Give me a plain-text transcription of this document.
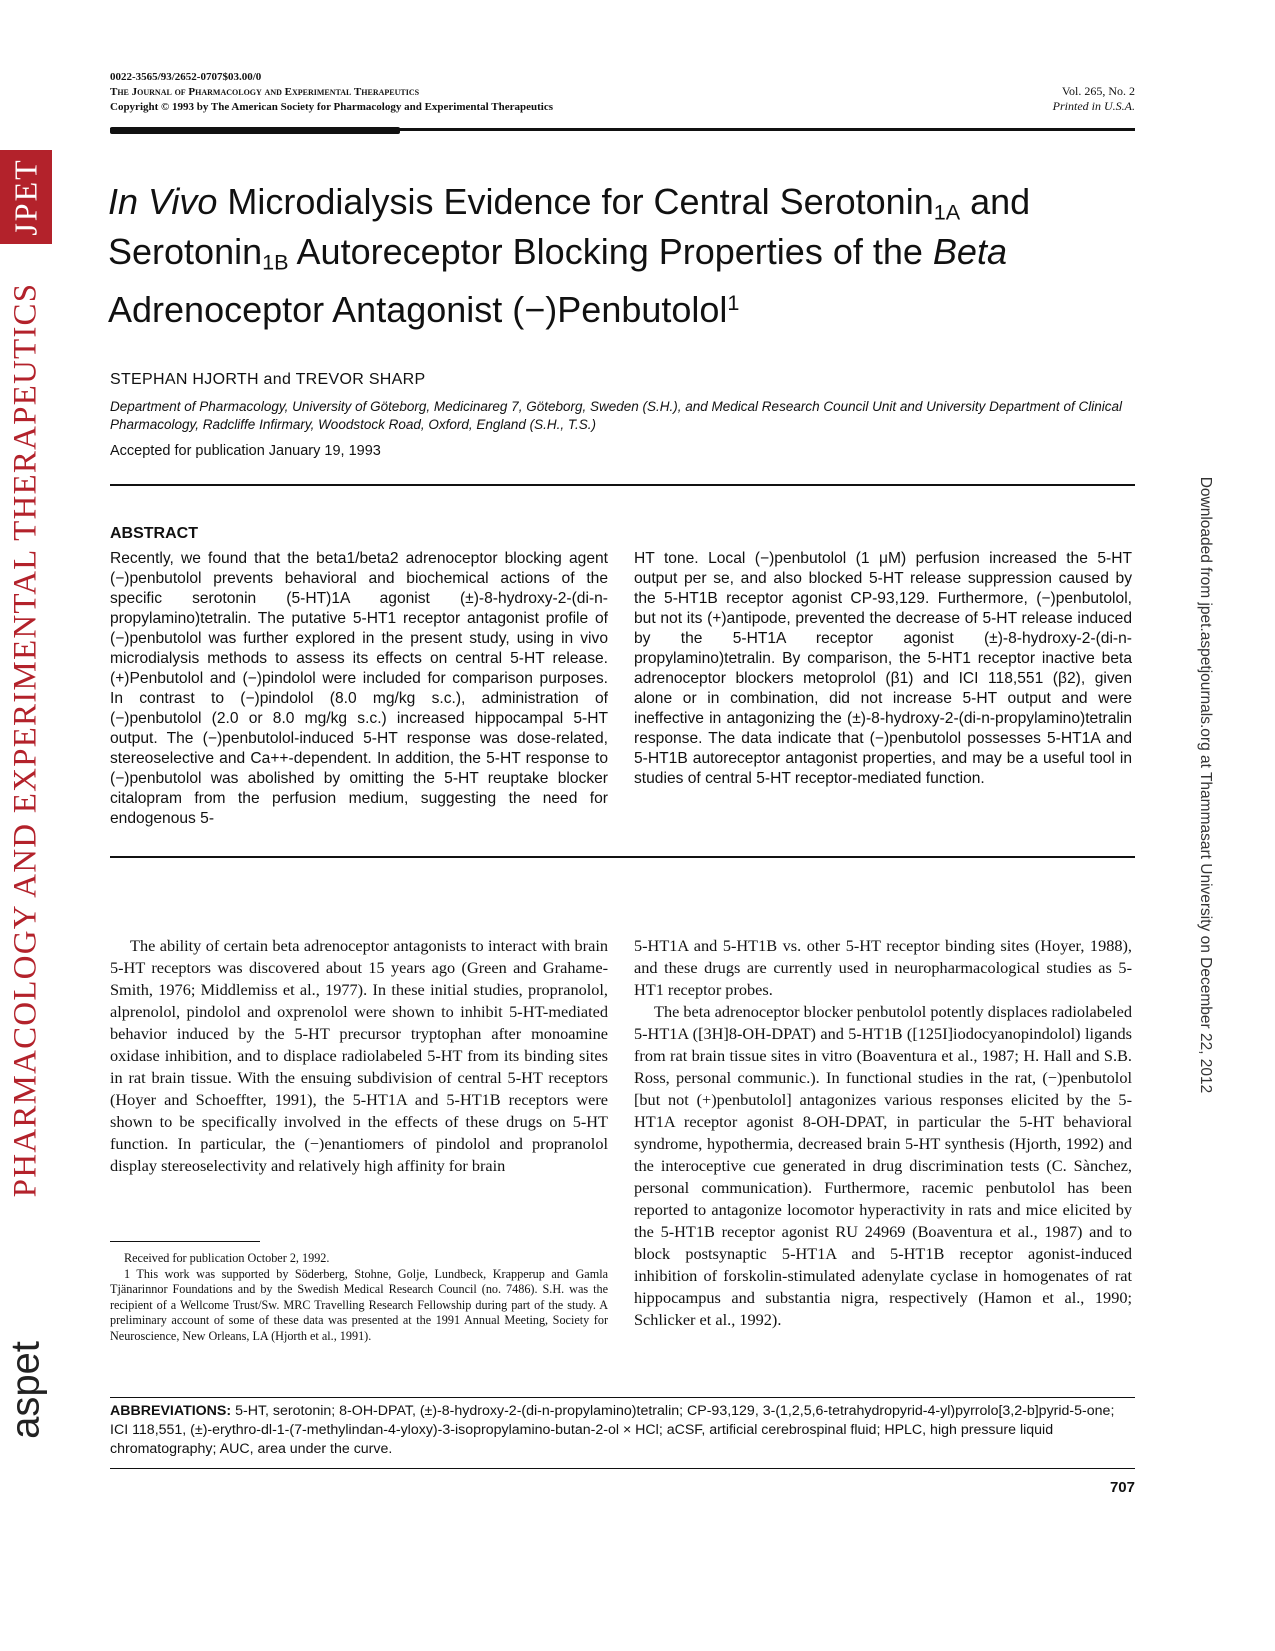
JPET
PHARMACOLOGY AND EXPERIMENTAL THERAPEUTICS
aspet
Downloaded from jpet.aspetjournals.org at Thammasart University on December 22, 2012
0022-3565/93/2652-0707$03.00/0
The Journal of Pharmacology and Experimental Therapeutics
Copyright © 1993 by The American Society for Pharmacology and Experimental Therapeutics
Vol. 265, No. 2
Printed in U.S.A.
In Vivo Microdialysis Evidence for Central Serotonin$_{1A}$ and Serotonin$_{1B}$ Autoreceptor Blocking Properties of the Beta Adrenoceptor Antagonist (−)Penbutolol$^1$
STEPHAN HJORTH and TREVOR SHARP
Department of Pharmacology, University of Göteborg, Medicinareg 7, Göteborg, Sweden (S.H.), and Medical Research Council Unit and University Department of Clinical Pharmacology, Radcliffe Infirmary, Woodstock Road, Oxford, England (S.H., T.S.)
Accepted for publication January 19, 1993
ABSTRACT
Recently, we found that the beta1/beta2 adrenoceptor blocking agent (−)penbutolol prevents behavioral and biochemical actions of the specific serotonin (5-HT)1A agonist (±)-8-hydroxy-2-(di-n-propylamino)tetralin. The putative 5-HT1 receptor antagonist profile of (−)penbutolol was further explored in the present study, using in vivo microdialysis methods to assess its effects on central 5-HT release. (+)Penbutolol and (−)pindolol were included for comparison purposes. In contrast to (−)pindolol (8.0 mg/kg s.c.), administration of (−)penbutolol (2.0 or 8.0 mg/kg s.c.) increased hippocampal 5-HT output. The (−)penbutolol-induced 5-HT response was dose-related, stereoselective and Ca++-dependent. In addition, the 5-HT response to (−)penbutolol was abolished by omitting the 5-HT reuptake blocker citalopram from the perfusion medium, suggesting the need for endogenous 5-
HT tone. Local (−)penbutolol (1 μM) perfusion increased the 5-HT output per se, and also blocked 5-HT release suppression caused by the 5-HT1B receptor agonist CP-93,129. Furthermore, (−)penbutolol, but not its (+)antipode, prevented the decrease of 5-HT release induced by the 5-HT1A receptor agonist (±)-8-hydroxy-2-(di-n-propylamino)tetralin. By comparison, the 5-HT1 receptor inactive beta adrenoceptor blockers metoprolol (β1) and ICI 118,551 (β2), given alone or in combination, did not increase 5-HT output and were ineffective in antagonizing the (±)-8-hydroxy-2-(di-n-propylamino)tetralin response. The data indicate that (−)penbutolol possesses 5-HT1A and 5-HT1B autoreceptor antagonist properties, and may be a useful tool in studies of central 5-HT receptor-mediated function.

The ability of certain beta adrenoceptor antagonists to interact with brain 5-HT receptors was discovered about 15 years ago (Green and Grahame-Smith, 1976; Middlemiss et al., 1977). In these initial studies, propranolol, alprenolol, pindolol and oxprenolol were shown to inhibit 5-HT-mediated behavior induced by the 5-HT precursor tryptophan after monoamine oxidase inhibition, and to displace radiolabeled 5-HT from its binding sites in rat brain tissue. With the ensuing subdivision of central 5-HT receptors (Hoyer and Schoeffter, 1991), the 5-HT1A and 5-HT1B receptors were shown to be specifically involved in the effects of these drugs on 5-HT function. In particular, the (−)enantiomers of pindolol and propranolol display stereoselectivity and relatively high affinity for brain

5-HT1A and 5-HT1B vs. other 5-HT receptor binding sites (Hoyer, 1988), and these drugs are currently used in neuropharmacological studies as 5-HT1 receptor probes.

The beta adrenoceptor blocker penbutolol potently displaces radiolabeled 5-HT1A ([3H]8-OH-DPAT) and 5-HT1B ([125I]iodocyanopindolol) ligands from rat brain tissue sites in vitro (Boaventura et al., 1987; H. Hall and S.B. Ross, personal communic.). In functional studies in the rat, (−)penbutolol [but not (+)penbutolol] antagonizes various responses elicited by the 5-HT1A receptor agonist 8-OH-DPAT, in particular the 5-HT behavioral syndrome, hypothermia, decreased brain 5-HT synthesis (Hjorth, 1992) and the interoceptive cue generated in drug discrimination tests (C. Sànchez, personal communication). Furthermore, racemic penbutolol has been reported to antagonize locomotor hyperactivity in rats and mice elicited by the 5-HT1B receptor agonist RU 24969 (Boaventura et al., 1987) and to block postsynaptic 5-HT1A and 5-HT1B receptor agonist-induced inhibition of forskolin-stimulated adenylate cyclase in homogenates of rat hippocampus and substantia nigra, respectively (Hamon et al., 1990; Schlicker et al., 1992).

Received for publication October 2, 1992.

1 This work was supported by Söderberg, Stohne, Golje, Lundbeck, Krapperup and Gamla Tjänarinnor Foundations and by the Swedish Medical Research Council (no. 7486). S.H. was the recipient of a Wellcome Trust/Sw. MRC Travelling Research Fellowship during part of the study. A preliminary account of some of these data was presented at the 1991 Annual Meeting, Society for Neuroscience, New Orleans, LA (Hjorth et al., 1991).

ABBREVIATIONS: 5-HT, serotonin; 8-OH-DPAT, (±)-8-hydroxy-2-(di-n-propylamino)tetralin; CP-93,129, 3-(1,2,5,6-tetrahydropyrid-4-yl)pyrrolo[3,2-b]pyrid-5-one; ICI 118,551, (±)-erythro-dl-1-(7-methylindan-4-yloxy)-3-isopropylamino-butan-2-ol × HCl; aCSF, artificial cerebrospinal fluid; HPLC, high pressure liquid chromatography; AUC, area under the curve.
707
